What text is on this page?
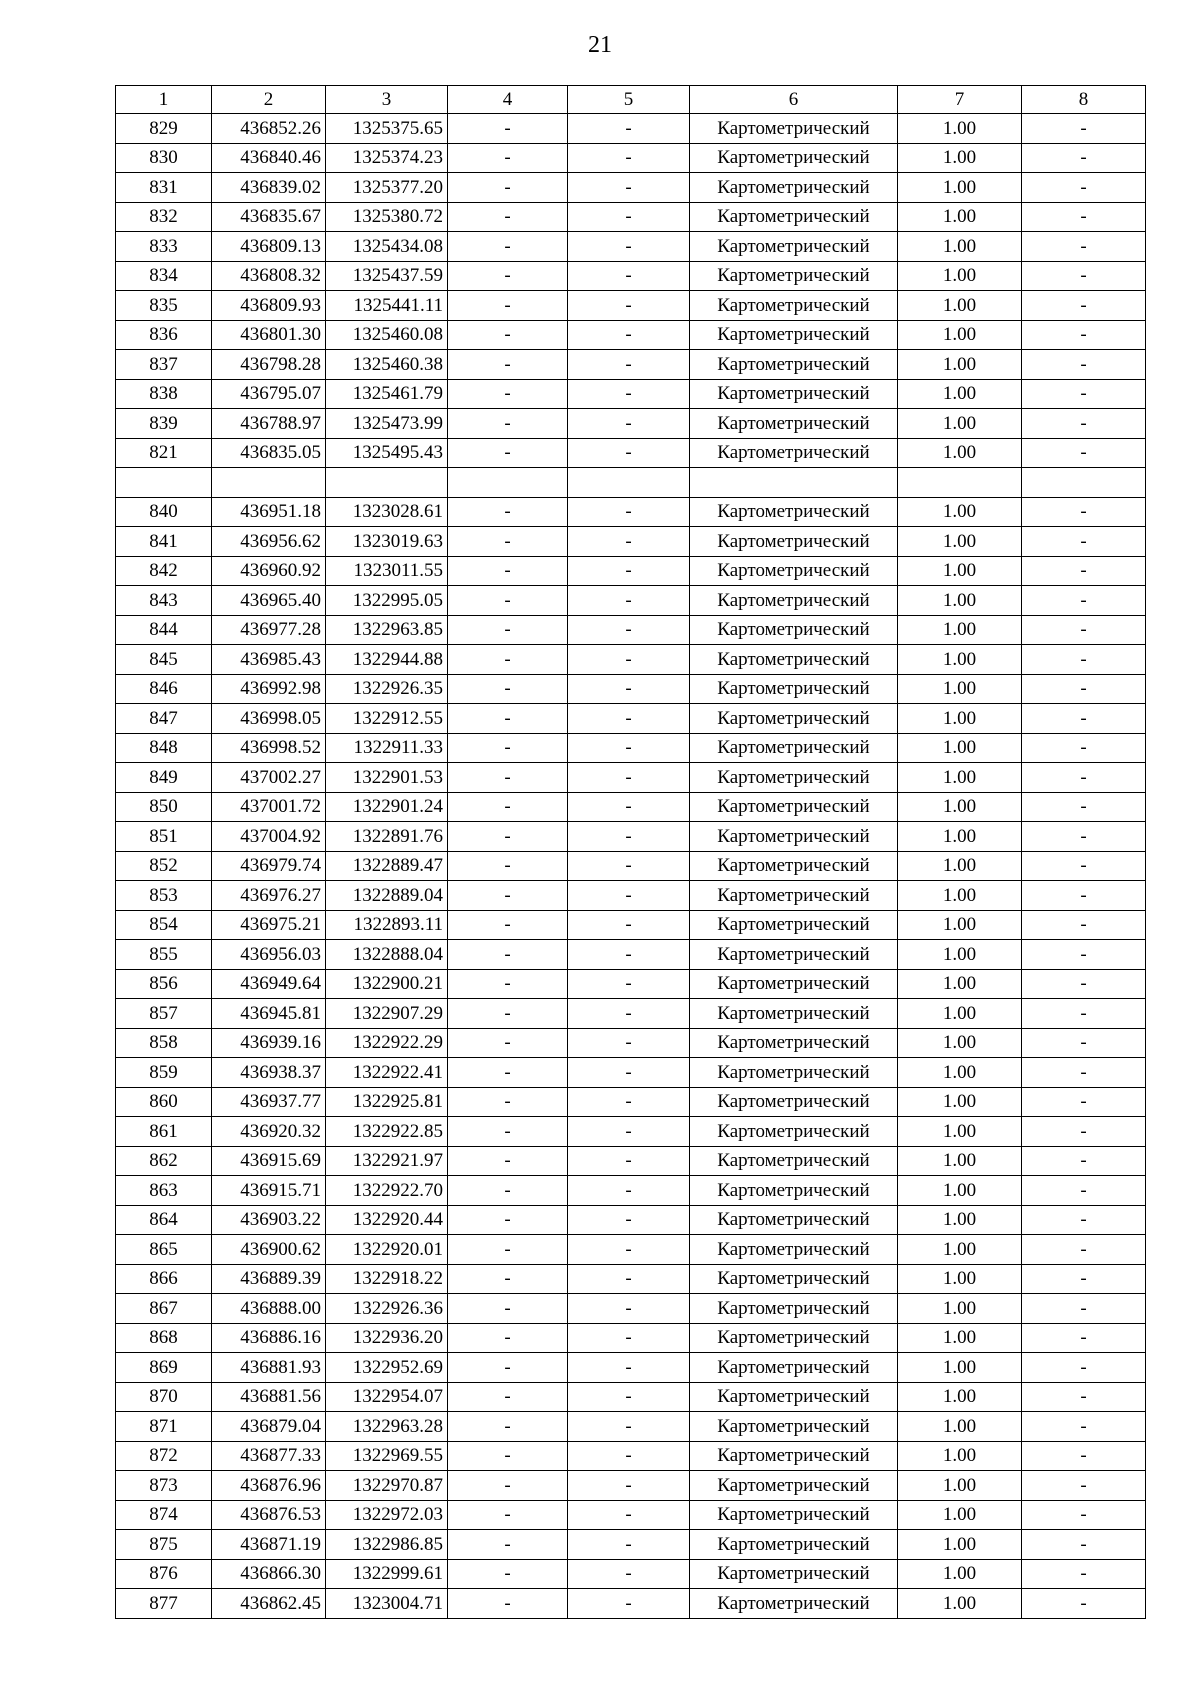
21
1	2	3	4	5	6	7	8
829	436852.26	1325375.65	-	-	Картометрический	1.00	-
830	436840.46	1325374.23	-	-	Картометрический	1.00	-
831	436839.02	1325377.20	-	-	Картометрический	1.00	-
832	436835.67	1325380.72	-	-	Картометрический	1.00	-
833	436809.13	1325434.08	-	-	Картометрический	1.00	-
834	436808.32	1325437.59	-	-	Картометрический	1.00	-
835	436809.93	1325441.11	-	-	Картометрический	1.00	-
836	436801.30	1325460.08	-	-	Картометрический	1.00	-
837	436798.28	1325460.38	-	-	Картометрический	1.00	-
838	436795.07	1325461.79	-	-	Картометрический	1.00	-
839	436788.97	1325473.99	-	-	Картометрический	1.00	-
821	436835.05	1325495.43	-	-	Картометрический	1.00	-

840	436951.18	1323028.61	-	-	Картометрический	1.00	-
841	436956.62	1323019.63	-	-	Картометрический	1.00	-
842	436960.92	1323011.55	-	-	Картометрический	1.00	-
843	436965.40	1322995.05	-	-	Картометрический	1.00	-
844	436977.28	1322963.85	-	-	Картометрический	1.00	-
845	436985.43	1322944.88	-	-	Картометрический	1.00	-
846	436992.98	1322926.35	-	-	Картометрический	1.00	-
847	436998.05	1322912.55	-	-	Картометрический	1.00	-
848	436998.52	1322911.33	-	-	Картометрический	1.00	-
849	437002.27	1322901.53	-	-	Картометрический	1.00	-
850	437001.72	1322901.24	-	-	Картометрический	1.00	-
851	437004.92	1322891.76	-	-	Картометрический	1.00	-
852	436979.74	1322889.47	-	-	Картометрический	1.00	-
853	436976.27	1322889.04	-	-	Картометрический	1.00	-
854	436975.21	1322893.11	-	-	Картометрический	1.00	-
855	436956.03	1322888.04	-	-	Картометрический	1.00	-
856	436949.64	1322900.21	-	-	Картометрический	1.00	-
857	436945.81	1322907.29	-	-	Картометрический	1.00	-
858	436939.16	1322922.29	-	-	Картометрический	1.00	-
859	436938.37	1322922.41	-	-	Картометрический	1.00	-
860	436937.77	1322925.81	-	-	Картометрический	1.00	-
861	436920.32	1322922.85	-	-	Картометрический	1.00	-
862	436915.69	1322921.97	-	-	Картометрический	1.00	-
863	436915.71	1322922.70	-	-	Картометрический	1.00	-
864	436903.22	1322920.44	-	-	Картометрический	1.00	-
865	436900.62	1322920.01	-	-	Картометрический	1.00	-
866	436889.39	1322918.22	-	-	Картометрический	1.00	-
867	436888.00	1322926.36	-	-	Картометрический	1.00	-
868	436886.16	1322936.20	-	-	Картометрический	1.00	-
869	436881.93	1322952.69	-	-	Картометрический	1.00	-
870	436881.56	1322954.07	-	-	Картометрический	1.00	-
871	436879.04	1322963.28	-	-	Картометрический	1.00	-
872	436877.33	1322969.55	-	-	Картометрический	1.00	-
873	436876.96	1322970.87	-	-	Картометрический	1.00	-
874	436876.53	1322972.03	-	-	Картометрический	1.00	-
875	436871.19	1322986.85	-	-	Картометрический	1.00	-
876	436866.30	1322999.61	-	-	Картометрический	1.00	-
877	436862.45	1323004.71	-	-	Картометрический	1.00	-
